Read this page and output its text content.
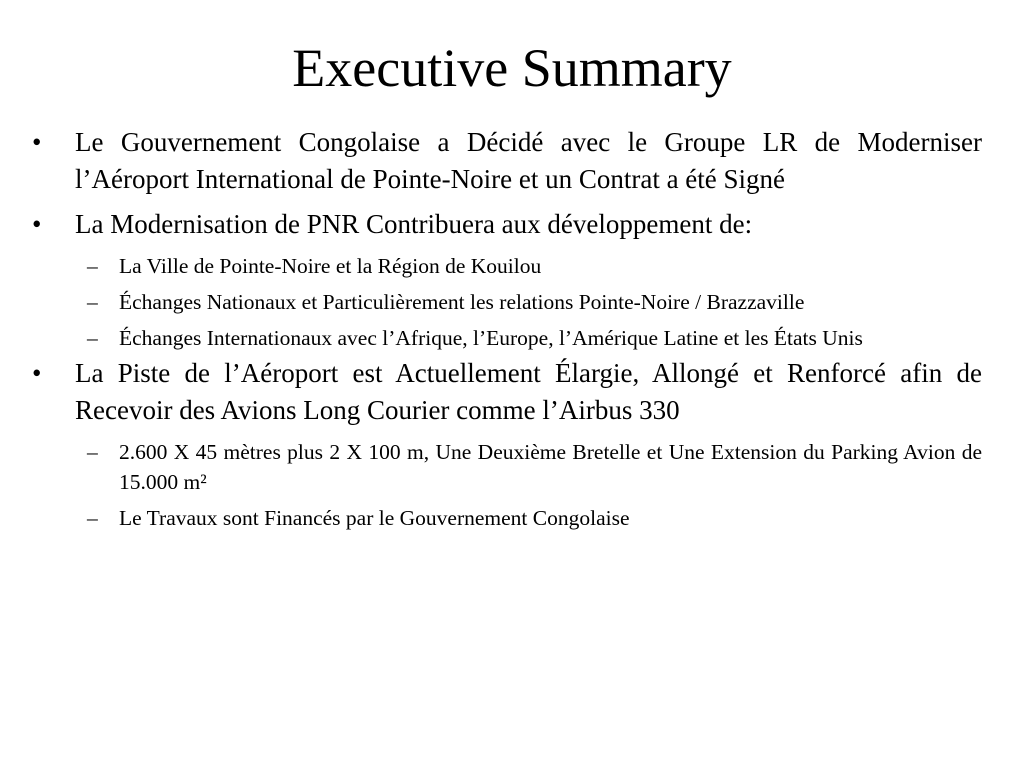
Executive Summary
• Le Gouvernement Congolaise a Décidé avec le Groupe LR de Moderniser l’Aéroport International de Pointe-Noire et un Contrat a été Signé
• La Modernisation de PNR Contribuera aux développement de:
– La Ville de Pointe-Noire et la Région de Kouilou
– Échanges Nationaux et Particulièrement les relations Pointe-Noire / Brazzaville
– Échanges Internationaux avec l’Afrique, l’Europe, l’Amérique Latine et les États Unis
• La Piste de l’Aéroport est Actuellement Élargie, Allongé et Renforcé afin de Recevoir des Avions Long Courier comme l’Airbus 330
– 2.600 X 45 mètres plus 2 X 100 m, Une Deuxième Bretelle et Une Extension du Parking Avion de 15.000 m²
– Le Travaux sont Financés par le Gouvernement Congolaise
